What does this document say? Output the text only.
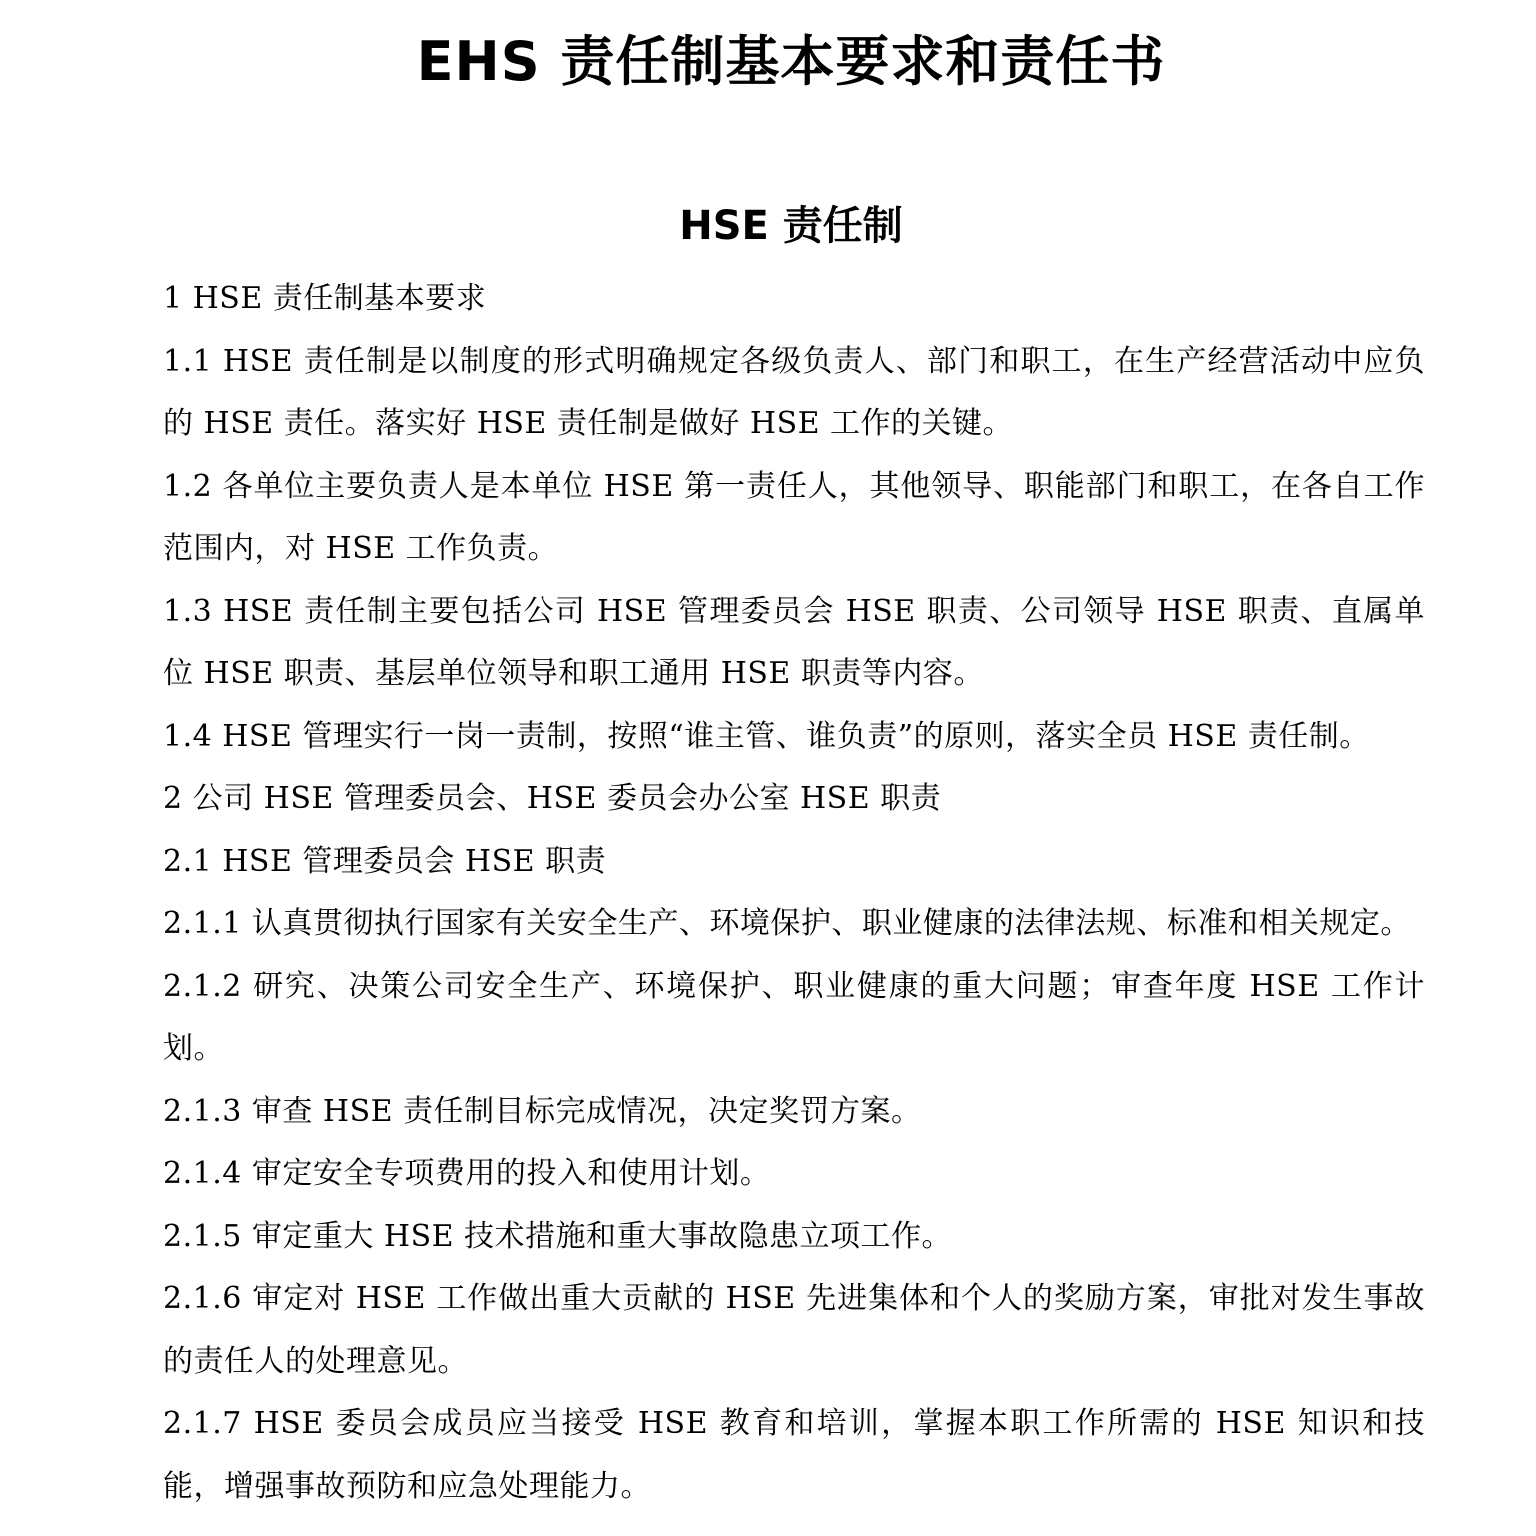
EHS 责任制基本要求和责任书
HSE 责任制

1 HSE 责任制基本要求

1.1 HSE 责任制是以制度的形式明确规定各级负责人、部门和职工，在生产经营活动中应负的 HSE 责任。落实好 HSE 责任制是做好 HSE 工作的关键。

1.2 各单位主要负责人是本单位 HSE 第一责任人，其他领导、职能部门和职工，在各自工作范围内，对 HSE 工作负责。

1.3 HSE 责任制主要包括公司 HSE 管理委员会 HSE 职责、公司领导 HSE 职责、直属单位 HSE 职责、基层单位领导和职工通用 HSE 职责等内容。

1.4 HSE 管理实行一岗一责制，按照“谁主管、谁负责”的原则，落实全员 HSE 责任制。

2 公司 HSE 管理委员会、HSE 委员会办公室 HSE 职责

2.1 HSE 管理委员会 HSE 职责

2.1.1 认真贯彻执行国家有关安全生产、环境保护、职业健康的法律法规、标准和相关规定。

2.1.2 研究、决策公司安全生产、环境保护、职业健康的重大问题；审查年度 HSE 工作计划。

2.1.3 审查 HSE 责任制目标完成情况，决定奖罚方案。

2.1.4 审定安全专项费用的投入和使用计划。

2.1.5 审定重大 HSE 技术措施和重大事故隐患立项工作。

2.1.6 审定对 HSE 工作做出重大贡献的 HSE 先进集体和个人的奖励方案，审批对发生事故的责任人的处理意见。

2.1.7 HSE 委员会成员应当接受 HSE 教育和培训，掌握本职工作所需的 HSE 知识和技能，增强事故预防和应急处理能力。
